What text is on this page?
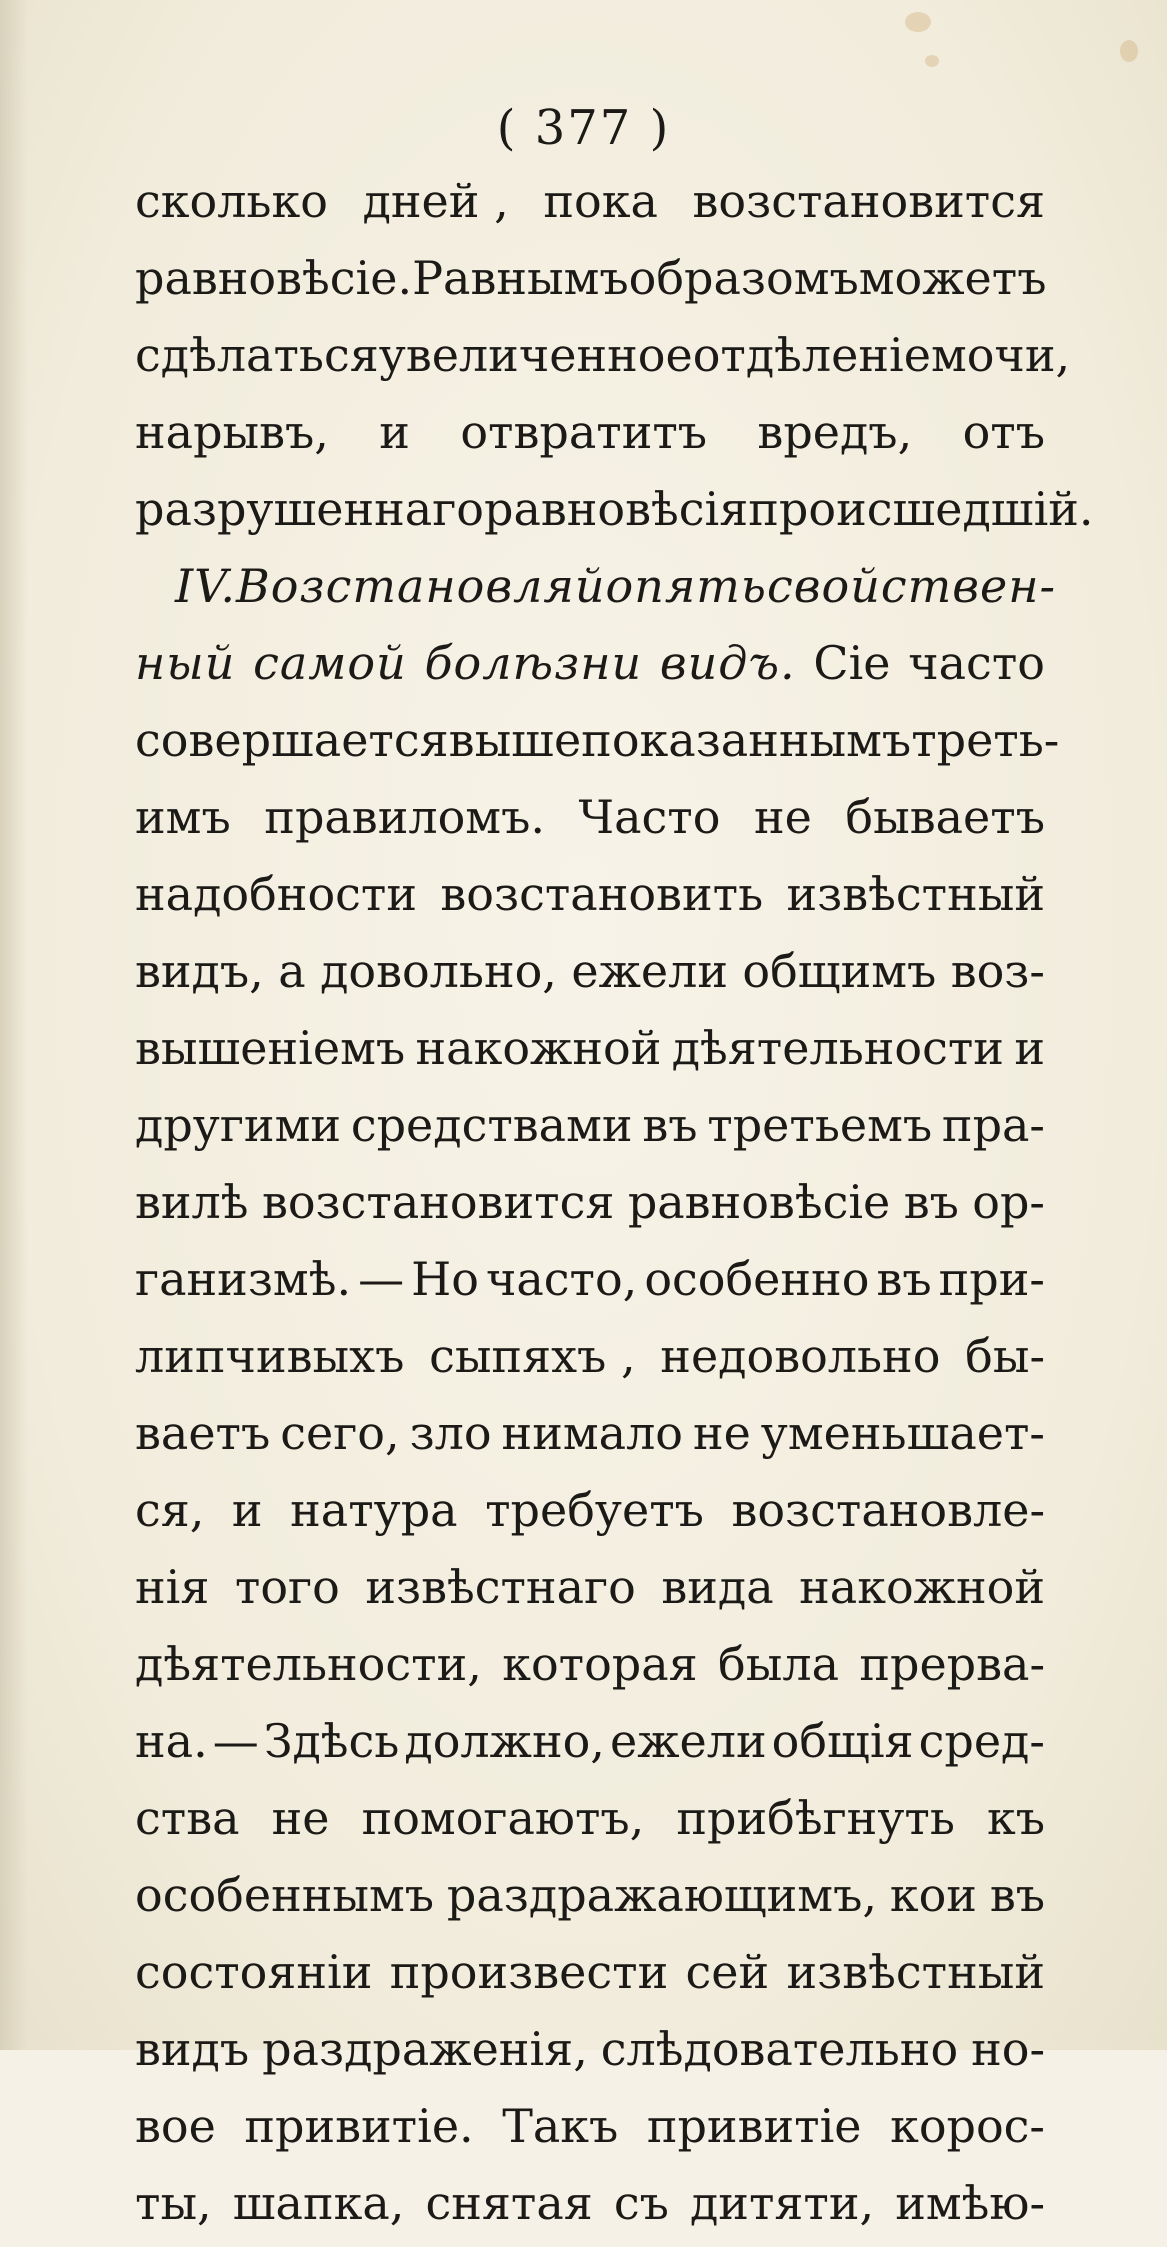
( 377 )
сколько дней , пока возстановится
равновѣсіе. Равнымъ образомъ можетъ
сдѣлаться увеличенное отдѣленіе мочи,
нарывъ, и отвратитъ вредъ, отъ
разрушеннаго равновѣсія происшедшій.
IV. Возстановляй опять свойствен-
ный самой болѣзни видъ. Сіе часто
совершается вышепоказаннымъ треть-
имъ правиломъ. Часто не бываетъ
надобности возстановить извѣстный
видъ, а довольно, ежели общимъ воз-
вышеніемъ накожной дѣятельности и
другими средствами въ третьемъ пра-
вилѣ возстановится равновѣсіе въ ор-
ганизмѣ. — Но часто, особенно въ при-
липчивыхъ сыпяхъ , недовольно бы-
ваетъ сего, зло нимало не уменьшает-
ся, и натура требуетъ возстановле-
нія того извѣстнаго вида накожной
дѣятельности, которая была прерва-
на. — Здѣсь должно, ежели общія сред-
ства не помогаютъ, прибѣгнуть къ
особеннымъ раздражающимъ, кои въ
состояніи произвести сей извѣстный
видъ раздраженія, слѣдовательно но-
вое привитіе. Такъ привитіе корос-
ты, шапка, снятая съ дитяти, имѣю-
